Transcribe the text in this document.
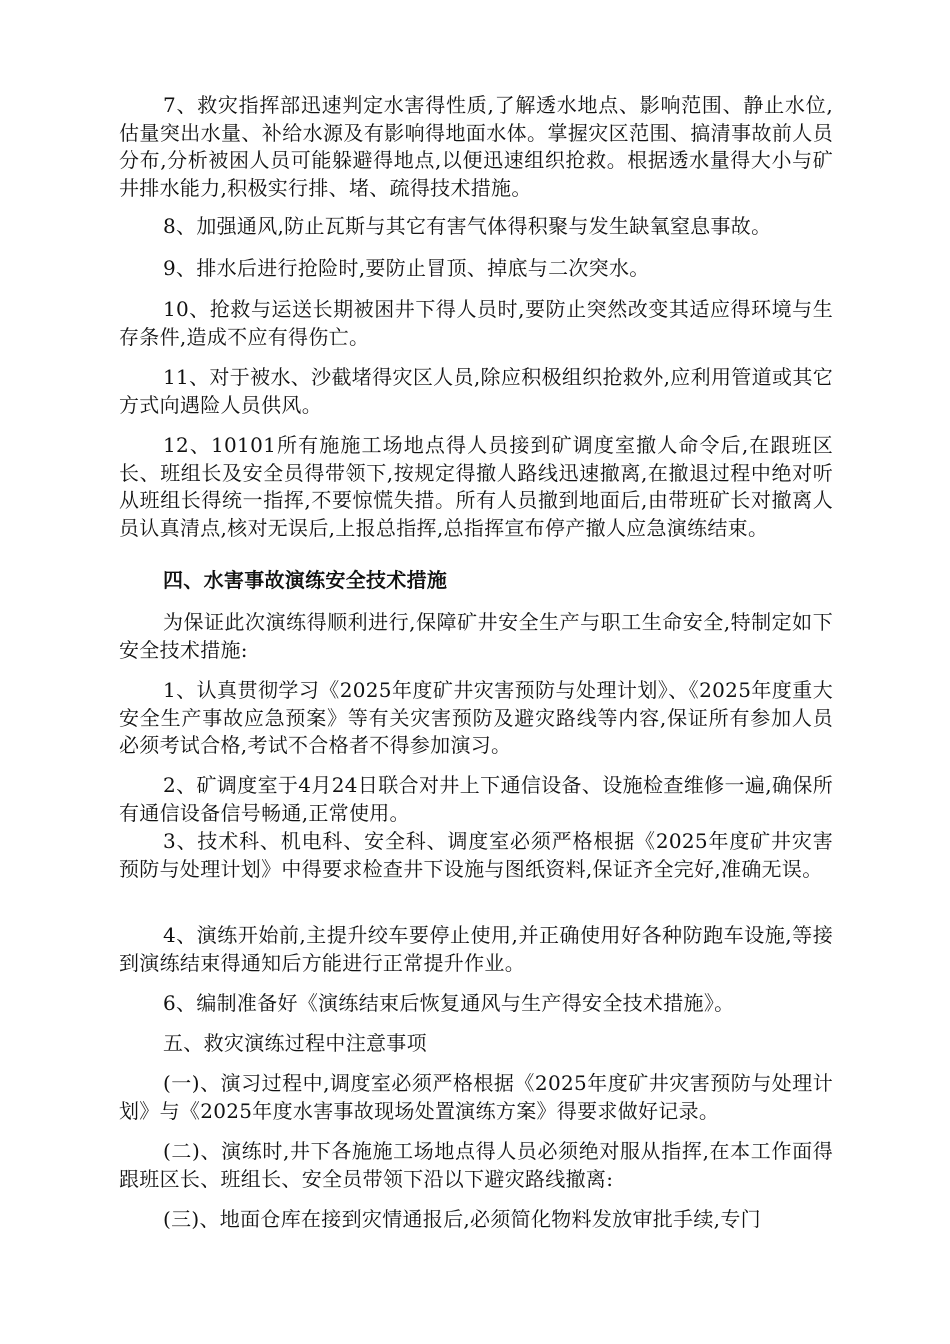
7、救灾指挥部迅速判定水害得性质,了解透水地点、影响范围、静止水位,估量突出水量、补给水源及有影响得地面水体。掌握灾区范围、搞清事故前人员分布,分析被困人员可能躲避得地点,以便迅速组织抢救。根据透水量得大小与矿井排水能力,积极实行排、堵、疏得技术措施。

8、加强通风,防止瓦斯与其它有害气体得积聚与发生缺氧窒息事故。

9、排水后进行抢险时,要防止冒顶、掉底与二次突水。

10、抢救与运送长期被困井下得人员时,要防止突然改变其适应得环境与生存条件,造成不应有得伤亡。

11、对于被水、沙截堵得灾区人员,除应积极组织抢救外,应利用管道或其它方式向遇险人员供风。

12、10101所有施施工场地点得人员接到矿调度室撤人命令后,在跟班区长、班组长及安全员得带领下,按规定得撤人路线迅速撤离,在撤退过程中绝对听从班组长得统一指挥,不要惊慌失措。所有人员撤到地面后,由带班矿长对撤离人员认真清点,核对无误后,上报总指挥,总指挥宣布停产撤人应急演练结束。

四、水害事故演练安全技术措施

为保证此次演练得顺利进行,保障矿井安全生产与职工生命安全,特制定如下安全技术措施:

1、认真贯彻学习《2025年度矿井灾害预防与处理计划》、《2025年度重大安全生产事故应急预案》等有关灾害预防及避灾路线等内容,保证所有参加人员必须考试合格,考试不合格者不得参加演习。

2、矿调度室于4月24日联合对井上下通信设备、设施检查维修一遍,确保所有通信设备信号畅通,正常使用。

3、技术科、机电科、安全科、调度室必须严格根据《2025年度矿井灾害预防与处理计划》中得要求检查井下设施与图纸资料,保证齐全完好,准确无误。

4、演练开始前,主提升绞车要停止使用,并正确使用好各种防跑车设施,等接到演练结束得通知后方能进行正常提升作业。

6、编制准备好《演练结束后恢复通风与生产得安全技术措施》。

五、救灾演练过程中注意事项

(一)、演习过程中,调度室必须严格根据《2025年度矿井灾害预防与处理计划》与《2025年度水害事故现场处置演练方案》得要求做好记录。

(二)、演练时,井下各施施工场地点得人员必须绝对服从指挥,在本工作面得跟班区长、班组长、安全员带领下沿以下避灾路线撤离:

(三)、地面仓库在接到灾情通报后,必须简化物料发放审批手续,专门
